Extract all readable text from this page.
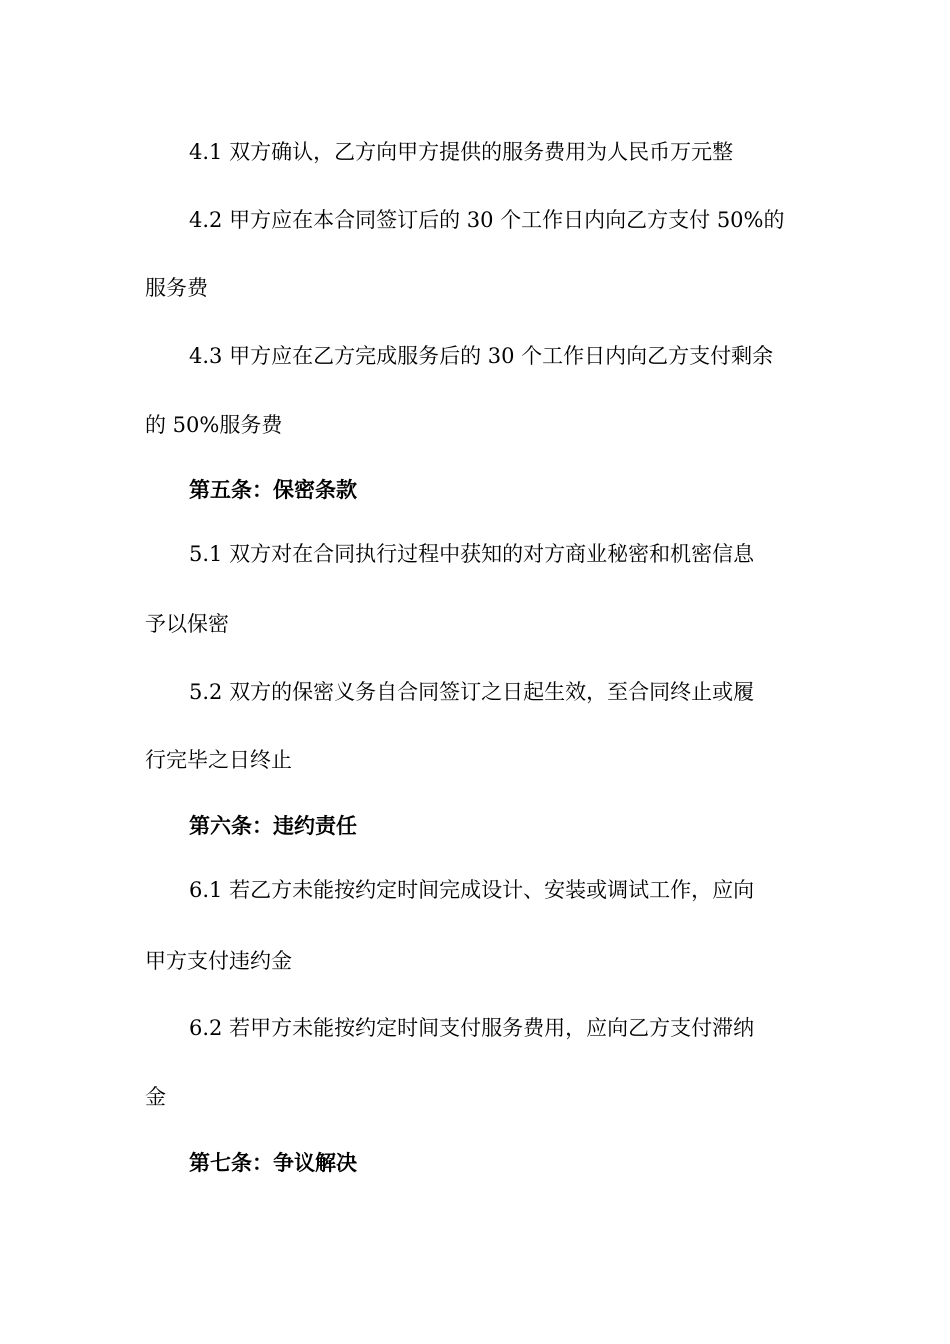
4.1 双方确认，乙方向甲方提供的服务费用为人民币万元整
4.2 甲方应在本合同签订后的 30 个工作日内向乙方支付 50%的
服务费
4.3 甲方应在乙方完成服务后的 30 个工作日内向乙方支付剩余
的 50%服务费
第五条：保密条款
5.1 双方对在合同执行过程中获知的对方商业秘密和机密信息
予以保密
5.2 双方的保密义务自合同签订之日起生效，至合同终止或履
行完毕之日终止
第六条：违约责任
6.1 若乙方未能按约定时间完成设计、安装或调试工作，应向
甲方支付违约金
6.2 若甲方未能按约定时间支付服务费用，应向乙方支付滞纳
金
第七条：争议解决
